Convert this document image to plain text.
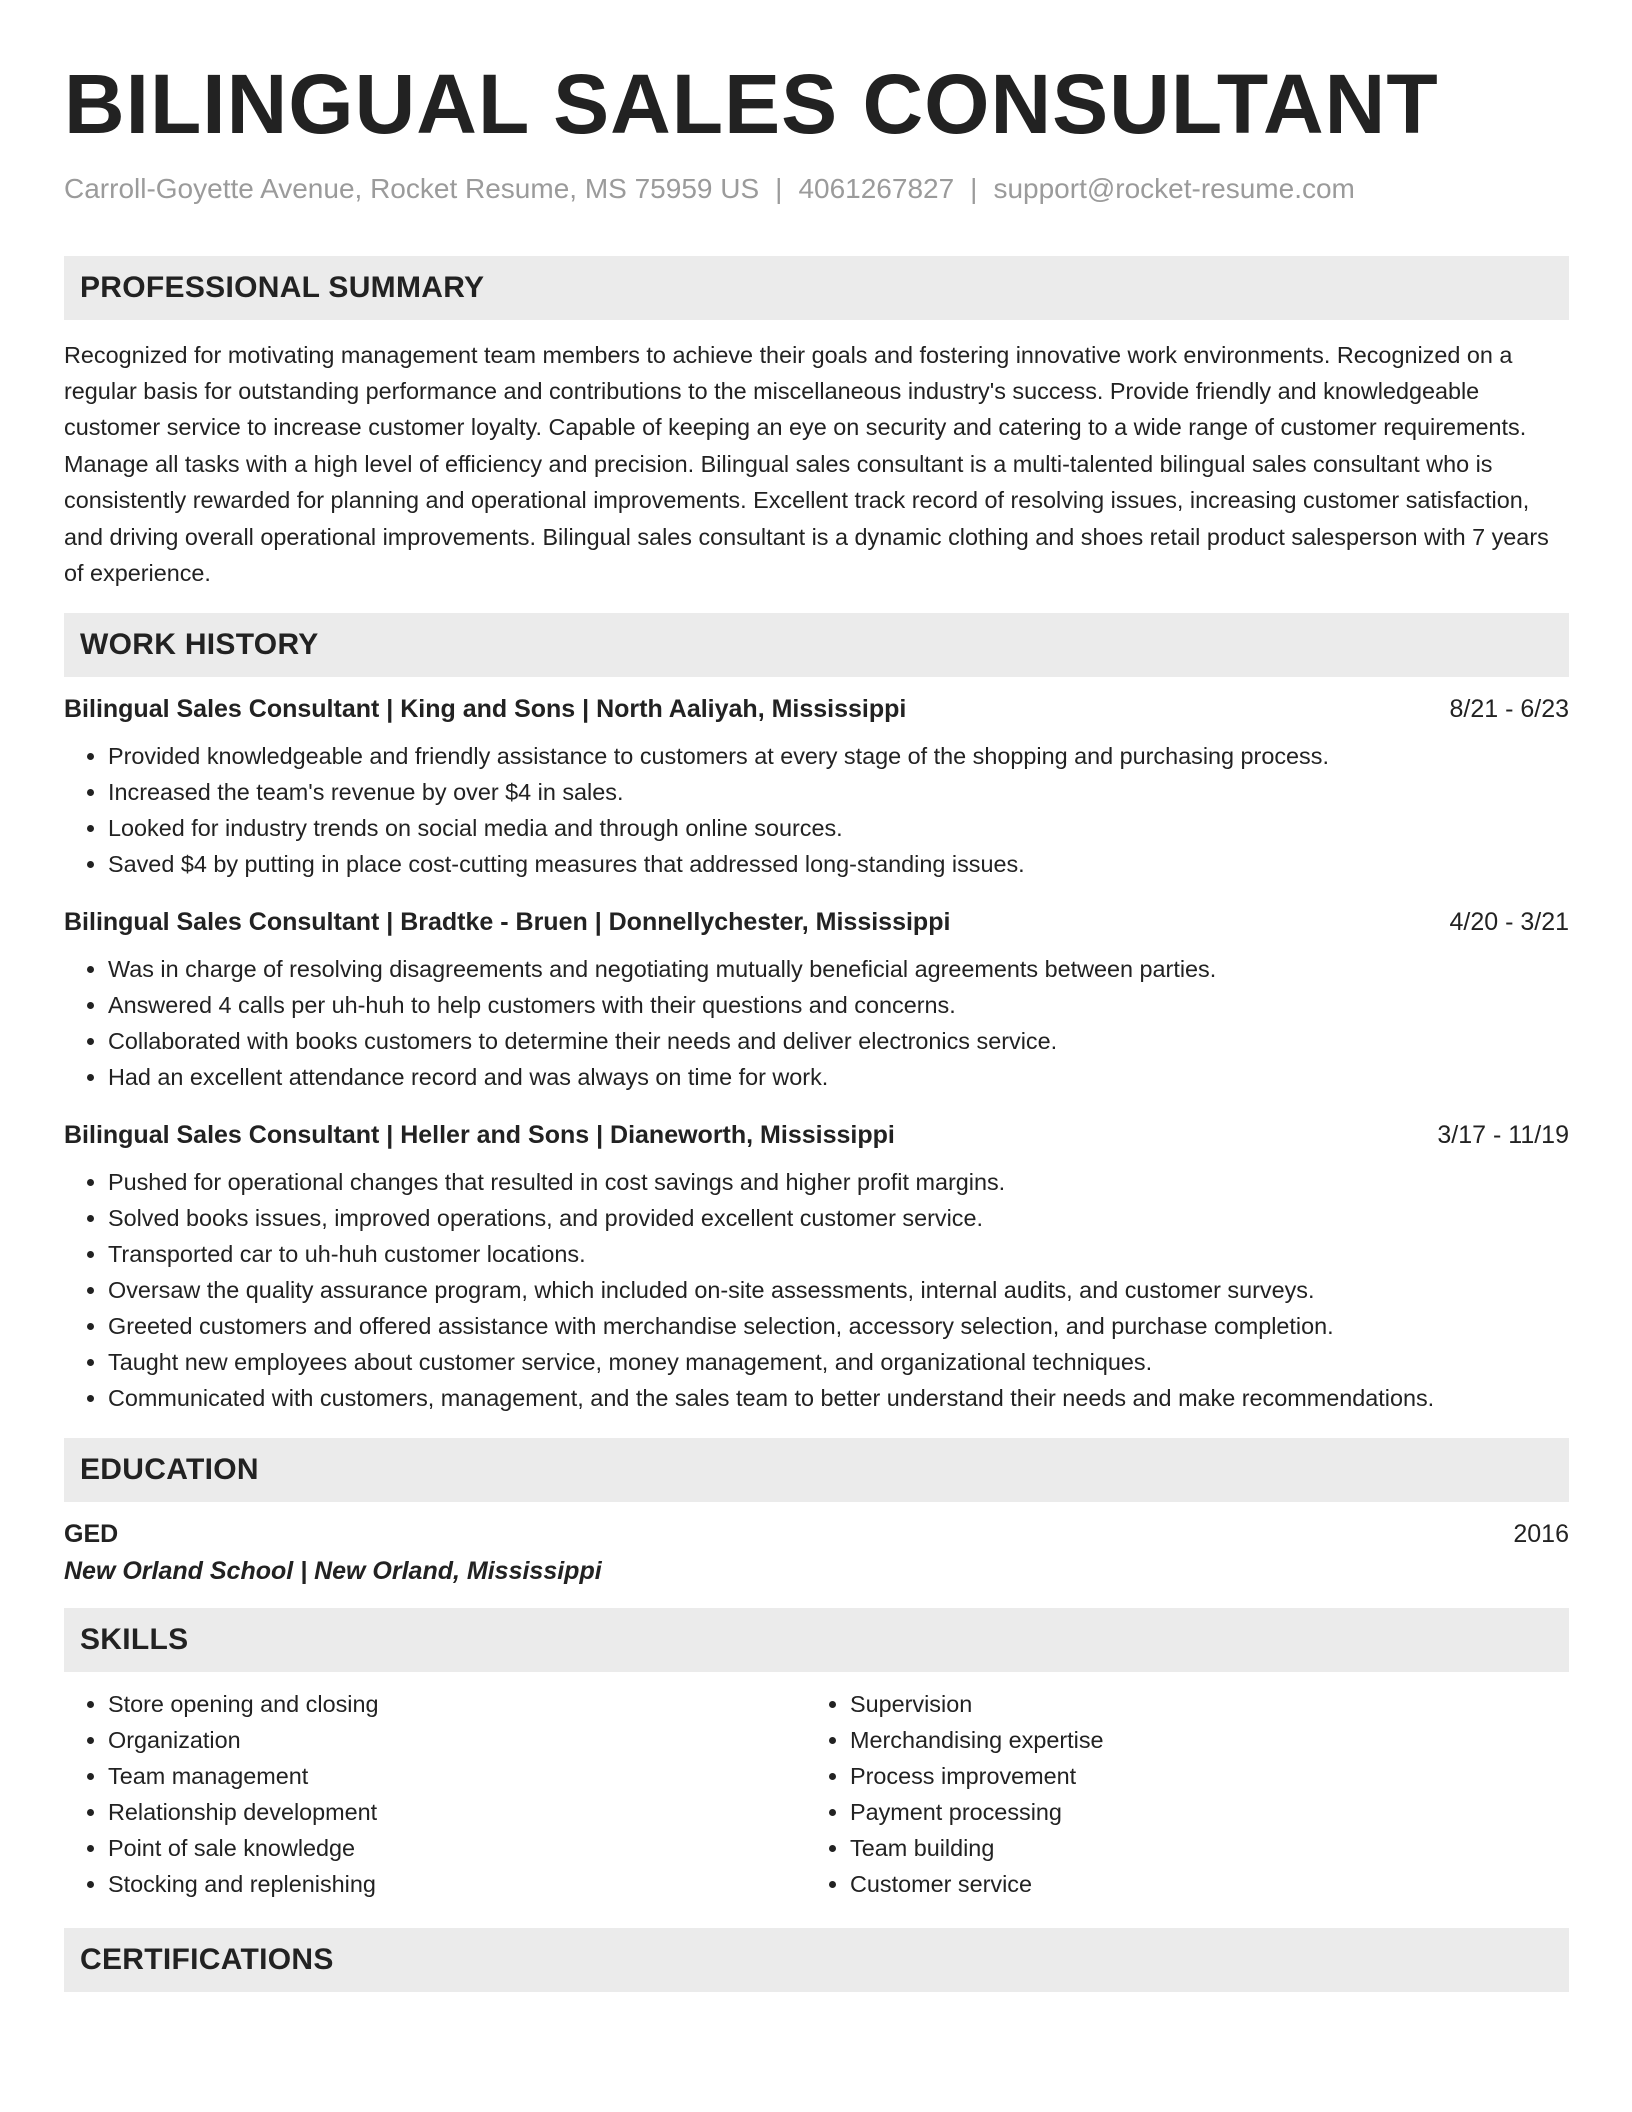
BILINGUAL SALES CONSULTANT
Carroll-Goyette Avenue, Rocket Resume, MS 75959 US | 4061267827 | support@rocket-resume.com
PROFESSIONAL SUMMARY
Recognized for motivating management team members to achieve their goals and fostering innovative work environments. Recognized on a regular basis for outstanding performance and contributions to the miscellaneous industry's success. Provide friendly and knowledgeable customer service to increase customer loyalty. Capable of keeping an eye on security and catering to a wide range of customer requirements. Manage all tasks with a high level of efficiency and precision. Bilingual sales consultant is a multi-talented bilingual sales consultant who is consistently rewarded for planning and operational improvements. Excellent track record of resolving issues, increasing customer satisfaction, and driving overall operational improvements. Bilingual sales consultant is a dynamic clothing and shoes retail product salesperson with 7 years of experience.
WORK HISTORY
Bilingual Sales Consultant | King and Sons | North Aaliyah, Mississippi	8/21 - 6/23
• Provided knowledgeable and friendly assistance to customers at every stage of the shopping and purchasing process.
• Increased the team's revenue by over $4 in sales.
• Looked for industry trends on social media and through online sources.
• Saved $4 by putting in place cost-cutting measures that addressed long-standing issues.
Bilingual Sales Consultant | Bradtke - Bruen | Donnellychester, Mississippi	4/20 - 3/21
• Was in charge of resolving disagreements and negotiating mutually beneficial agreements between parties.
• Answered 4 calls per uh-huh to help customers with their questions and concerns.
• Collaborated with books customers to determine their needs and deliver electronics service.
• Had an excellent attendance record and was always on time for work.
Bilingual Sales Consultant | Heller and Sons | Dianeworth, Mississippi	3/17 - 11/19
• Pushed for operational changes that resulted in cost savings and higher profit margins.
• Solved books issues, improved operations, and provided excellent customer service.
• Transported car to uh-huh customer locations.
• Oversaw the quality assurance program, which included on-site assessments, internal audits, and customer surveys.
• Greeted customers and offered assistance with merchandise selection, accessory selection, and purchase completion.
• Taught new employees about customer service, money management, and organizational techniques.
• Communicated with customers, management, and the sales team to better understand their needs and make recommendations.
EDUCATION
GED	2016
New Orland School | New Orland, Mississippi
SKILLS
• Store opening and closing
• Organization
• Team management
• Relationship development
• Point of sale knowledge
• Stocking and replenishing
• Supervision
• Merchandising expertise
• Process improvement
• Payment processing
• Team building
• Customer service
CERTIFICATIONS
